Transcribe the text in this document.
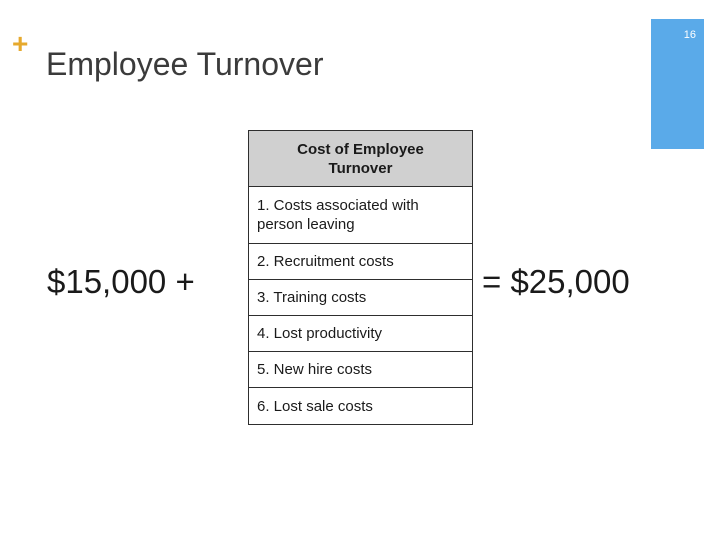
16
+
Employee Turnover
$15,000 +
Cost of Employee Turnover
1. Costs associated with person leaving
2. Recruitment costs
3. Training costs
4. Lost productivity
5. New hire costs
6. Lost sale costs
= $25,000
